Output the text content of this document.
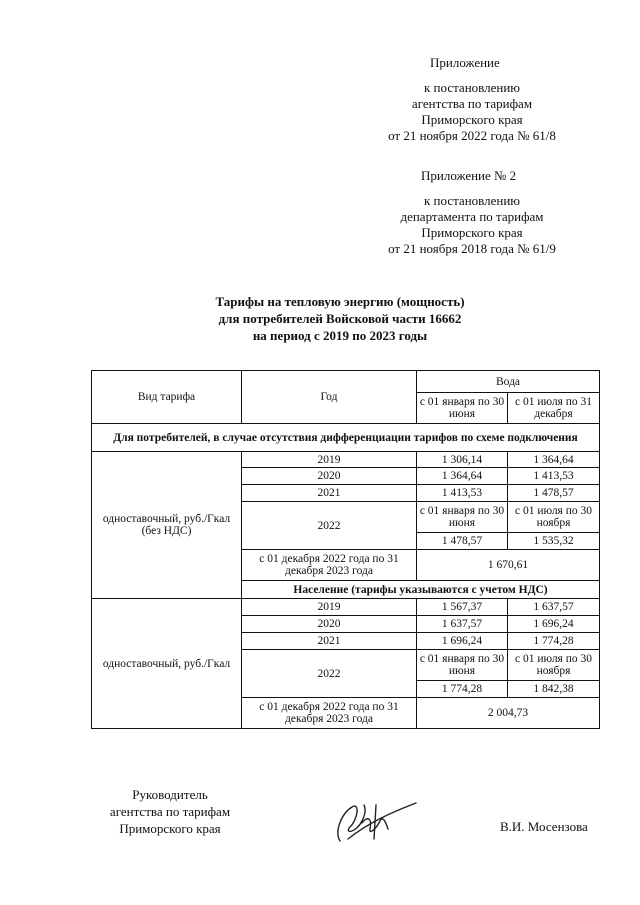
Приложение
к постановлению
агентства по тарифам
Приморского края
от 21 ноября 2022 года № 61/8
Приложение № 2
к постановлению
департамента по тарифам
Приморского края
от 21 ноября 2018 года № 61/9
Тарифы на тепловую энергию (мощность)
для потребителей Войсковой части 16662
на период с 2019 по 2023 годы
Вид тарифа	Год	Вода	
		с 01 января по 30 июня	с 01 июля по 31 декабря
Для потребителей, в случае отсутствия дифференциации тарифов по схеме подключения			
одноставочный, руб./Гкал (без НДС)	2019	1 306,14	1 364,64
	2020	1 364,64	1 413,53
	2021	1 413,53	1 478,57
	2022	с 01 января по 30 июня	с 01 июля по 30 ноября
		1 478,57	1 535,32
	с 01 декабря 2022 года по 31 декабря 2023 года	1 670,61	
	Население (тарифы указываются с учетом НДС)		
одноставочный, руб./Гкал	2019	1 567,37	1 637,57
	2020	1 637,57	1 696,24
	2021	1 696,24	1 774,28
	2022	с 01 января по 30 июня	с 01 июля по 30 ноября
		1 774,28	1 842,38
	с 01 декабря 2022 года по 31 декабря 2023 года	2 004,73	
Руководитель
агентства по тарифам
Приморского края	В.И. Мосензова
